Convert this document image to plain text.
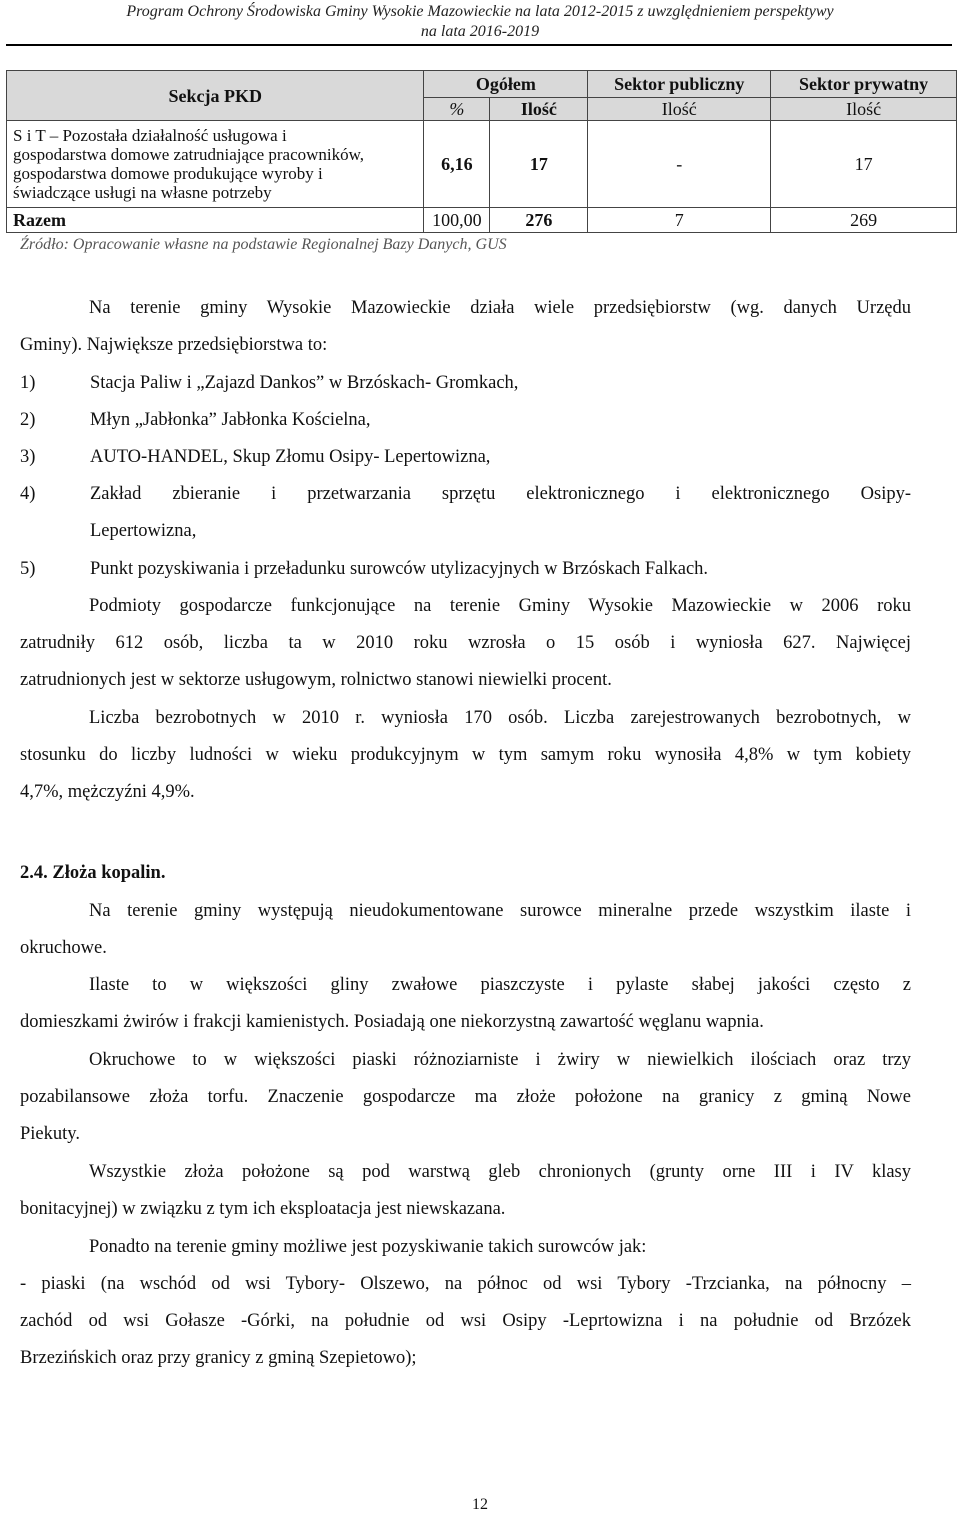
Program Ochrony Środowiska Gminy Wysokie Mazowieckie na lata 2012-2015 z uwzględnieniem perspektywy
na lata 2016-2019
Sekcja PKD	Ogółem		Sektor publiczny	Sektor prywatny
	%	Ilość	Ilość	Ilość

S i T – Pozostała działalność usługowa i
gospodarstwa domowe zatrudniające pracowników,
gospodarstwa domowe produkujące wyroby i
świadczące usługi na własne potrzeby	6,16	17	-	17
Razem	100,00	276	7	269
Źródło: Opracowanie własne na podstawie Regionalnej Bazy Danych, GUS
Na terenie gminy Wysokie Mazowieckie działa wiele przedsiębiorstw (wg. danych Urzędu
Gminy). Największe przedsiębiorstwa to:
1)	Stacja Paliw i „Zajazd Dankos” w Brzóskach- Gromkach,
2)	Młyn „Jabłonka” Jabłonka Kościelna,
3)	AUTO-HANDEL, Skup Złomu Osipy- Lepertowizna,
4)	Zakład zbieranie i przetwarzania sprzętu elektronicznego i elektronicznego Osipy-
Lepertowizna,
5)	Punkt pozyskiwania i przeładunku surowców utylizacyjnych w Brzóskach Falkach.
Podmioty gospodarcze funkcjonujące na terenie Gminy Wysokie Mazowieckie w 2006 roku
zatrudniły 612 osób, liczba ta w 2010 roku wzrosła o 15 osób i wyniosła 627. Najwięcej
zatrudnionych jest w sektorze usługowym, rolnictwo stanowi niewielki procent.
Liczba bezrobotnych w 2010 r. wyniosła 170 osób. Liczba zarejestrowanych bezrobotnych, w
stosunku do liczby ludności w wieku produkcyjnym w tym samym roku wynosiła 4,8% w tym kobiety
4,7%, mężczyźni 4,9%.
2.4. Złoża kopalin.
Na terenie gminy występują nieudokumentowane surowce mineralne przede wszystkim ilaste i
okruchowe.
Ilaste to w większości gliny zwałowe piaszczyste i pylaste słabej jakości często z
domieszkami żwirów i frakcji kamienistych. Posiadają one niekorzystną zawartość węglanu wapnia.
Okruchowe to w większości piaski różnoziarniste i żwiry w niewielkich ilościach oraz trzy
pozabilansowe złoża torfu. Znaczenie gospodarcze ma złoże położone na granicy z gminą Nowe
Piekuty.
Wszystkie złoża położone są pod warstwą gleb chronionych (grunty orne III i IV klasy
bonitacyjnej) w związku z tym ich eksploatacja jest niewskazana.
Ponadto na terenie gminy możliwe jest pozyskiwanie takich surowców jak:
- piaski (na wschód od wsi Tybory- Olszewo, na północ od wsi Tybory -Trzcianka, na północny –
zachód od wsi Gołasze -Górki, na południe od wsi Osipy -Leprtowizna i na południe od Brzózek
Brzezińskich oraz przy granicy z gminą Szepietowo);
12
